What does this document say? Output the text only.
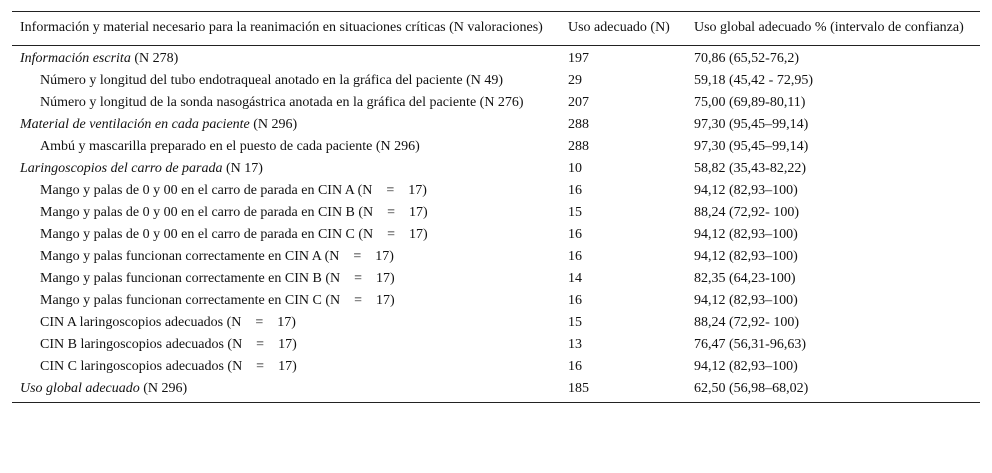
Información y material necesario para la reanimación en situaciones críticas (N valoraciones)	Uso adecuado (N)	Uso global adecuado % (intervalo de confianza)
Información escrita (N 278)	197	70,86 (65,52-76,2)
Número y longitud del tubo endotraqueal anotado en la gráfica del paciente (N 49)	29	59,18 (45,42 - 72,95)
Número y longitud de la sonda nasogástrica anotada en la gráfica del paciente (N 276)	207	75,00 (69,89-80,11)
Material de ventilación en cada paciente (N 296)	288	97,30 (95,45–99,14)
Ambú y mascarilla preparado en el puesto de cada paciente (N 296)	288	97,30 (95,45–99,14)
Laringoscopios del carro de parada (N 17)	10	58,82 (35,43-82,22)
Mango y palas de 0 y 00 en el carro de parada en CIN A (N = 17)	16	94,12 (82,93–100)
Mango y palas de 0 y 00 en el carro de parada en CIN B (N = 17)	15	88,24 (72,92- 100)
Mango y palas de 0 y 00 en el carro de parada en CIN C (N = 17)	16	94,12 (82,93–100)
Mango y palas funcionan correctamente en CIN A (N = 17)	16	94,12 (82,93–100)
Mango y palas funcionan correctamente en CIN B (N = 17)	14	82,35 (64,23-100)
Mango y palas funcionan correctamente en CIN C (N = 17)	16	94,12 (82,93–100)
CIN A laringoscopios adecuados (N = 17)	15	88,24 (72,92- 100)
CIN B laringoscopios adecuados (N = 17)	13	76,47 (56,31-96,63)
CIN C laringoscopios adecuados (N = 17)	16	94,12 (82,93–100)
Uso global adecuado (N 296)	185	62,50 (56,98–68,02)
